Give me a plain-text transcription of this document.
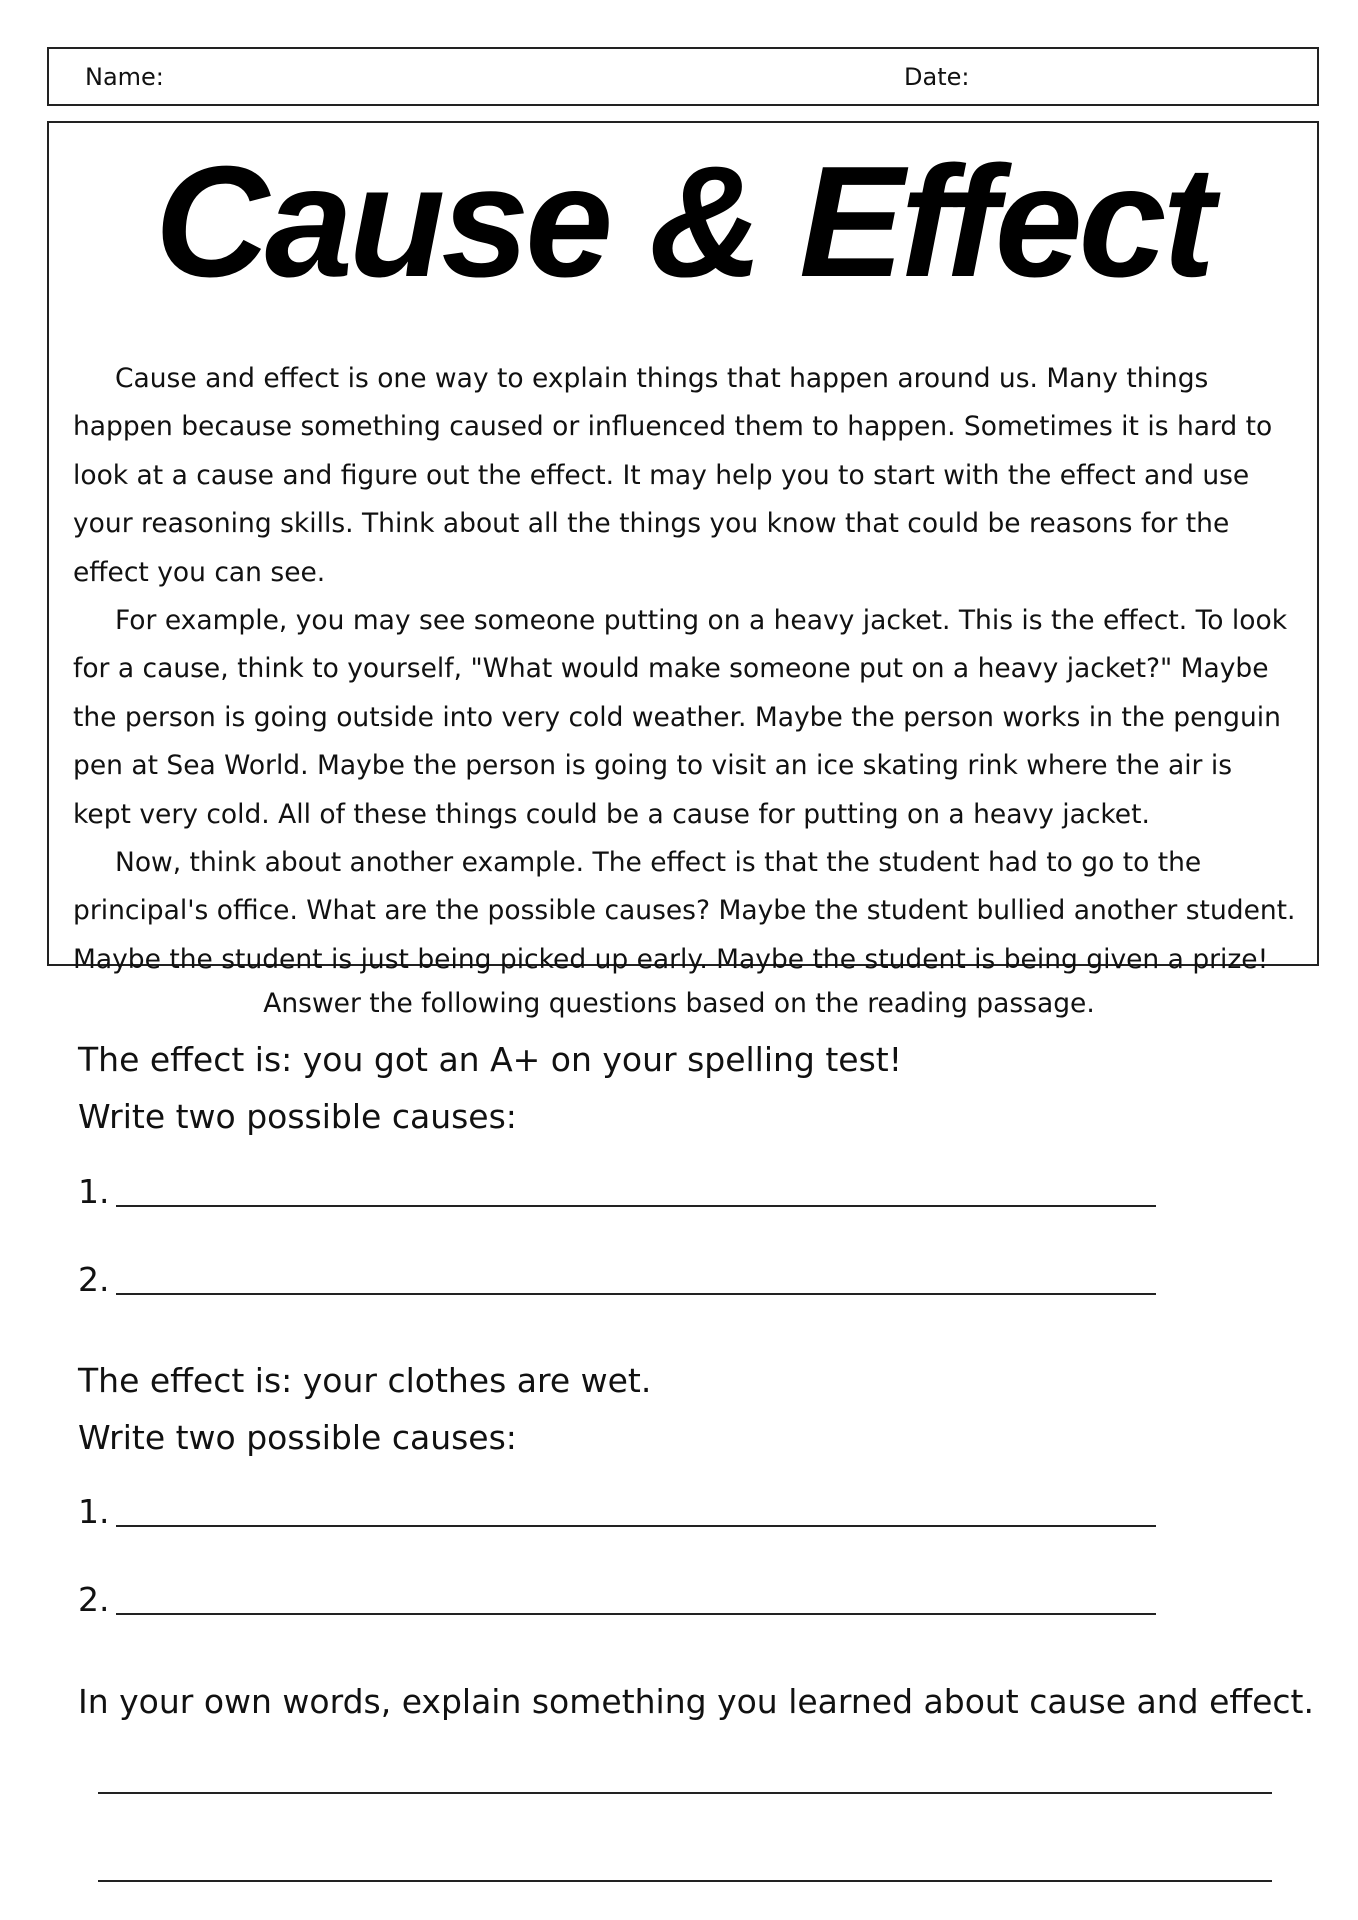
Name:	Date:
Cause & Effect

Cause and effect is one way to explain things that happen around us. Many things happen because something caused or influenced them to happen. Sometimes it is hard to look at a cause and figure out the effect. It may help you to start with the effect and use your reasoning skills. Think about all the things you know that could be reasons for the effect you can see.

For example, you may see someone putting on a heavy jacket. This is the effect. To look for a cause, think to yourself, "What would make someone put on a heavy jacket?" Maybe the person is going outside into very cold weather. Maybe the person works in the penguin pen at Sea World. Maybe the person is going to visit an ice skating rink where the air is kept very cold. All of these things could be a cause for putting on a heavy jacket.

Now, think about another example. The effect is that the student had to go to the principal's office. What are the possible causes? Maybe the student bullied another student. Maybe the student is just being picked up early. Maybe the student is being given a prize!

Answer the following questions based on the reading passage.
The effect is: you got an A+ on your spelling test!
Write two possible causes:
1.
2.
The effect is: your clothes are wet.
Write two possible causes:
1.
2.
In your own words, explain something you learned about cause and effect.
